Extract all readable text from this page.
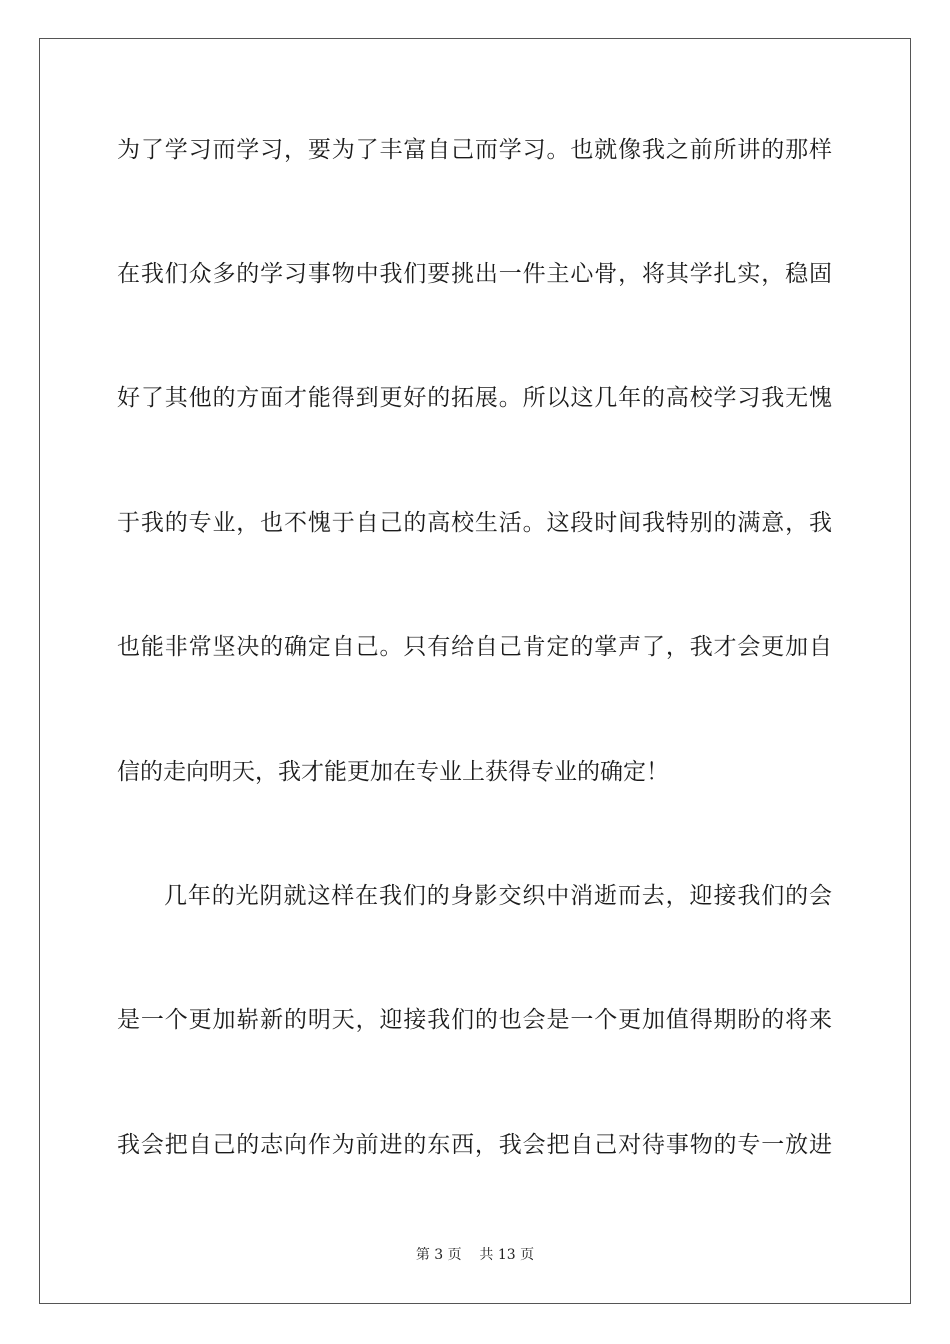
为了学习而学习，要为了丰富自己而学习。也就像我之前所讲的那样
在我们众多的学习事物中我们要挑出一件主心骨，将其学扎实，稳固
好了其他的方面才能得到更好的拓展。所以这几年的高校学习我无愧
于我的专业，也不愧于自己的高校生活。这段时间我特别的满意，我
也能非常坚决的确定自己。只有给自己肯定的掌声了，我才会更加自
信的走向明天，我才能更加在专业上获得专业的确定！
几年的光阴就这样在我们的身影交织中消逝而去，迎接我们的会
是一个更加崭新的明天，迎接我们的也会是一个更加值得期盼的将来
我会把自己的志向作为前进的东西，我会把自己对待事物的专一放进
第 3 页    共 13 页
